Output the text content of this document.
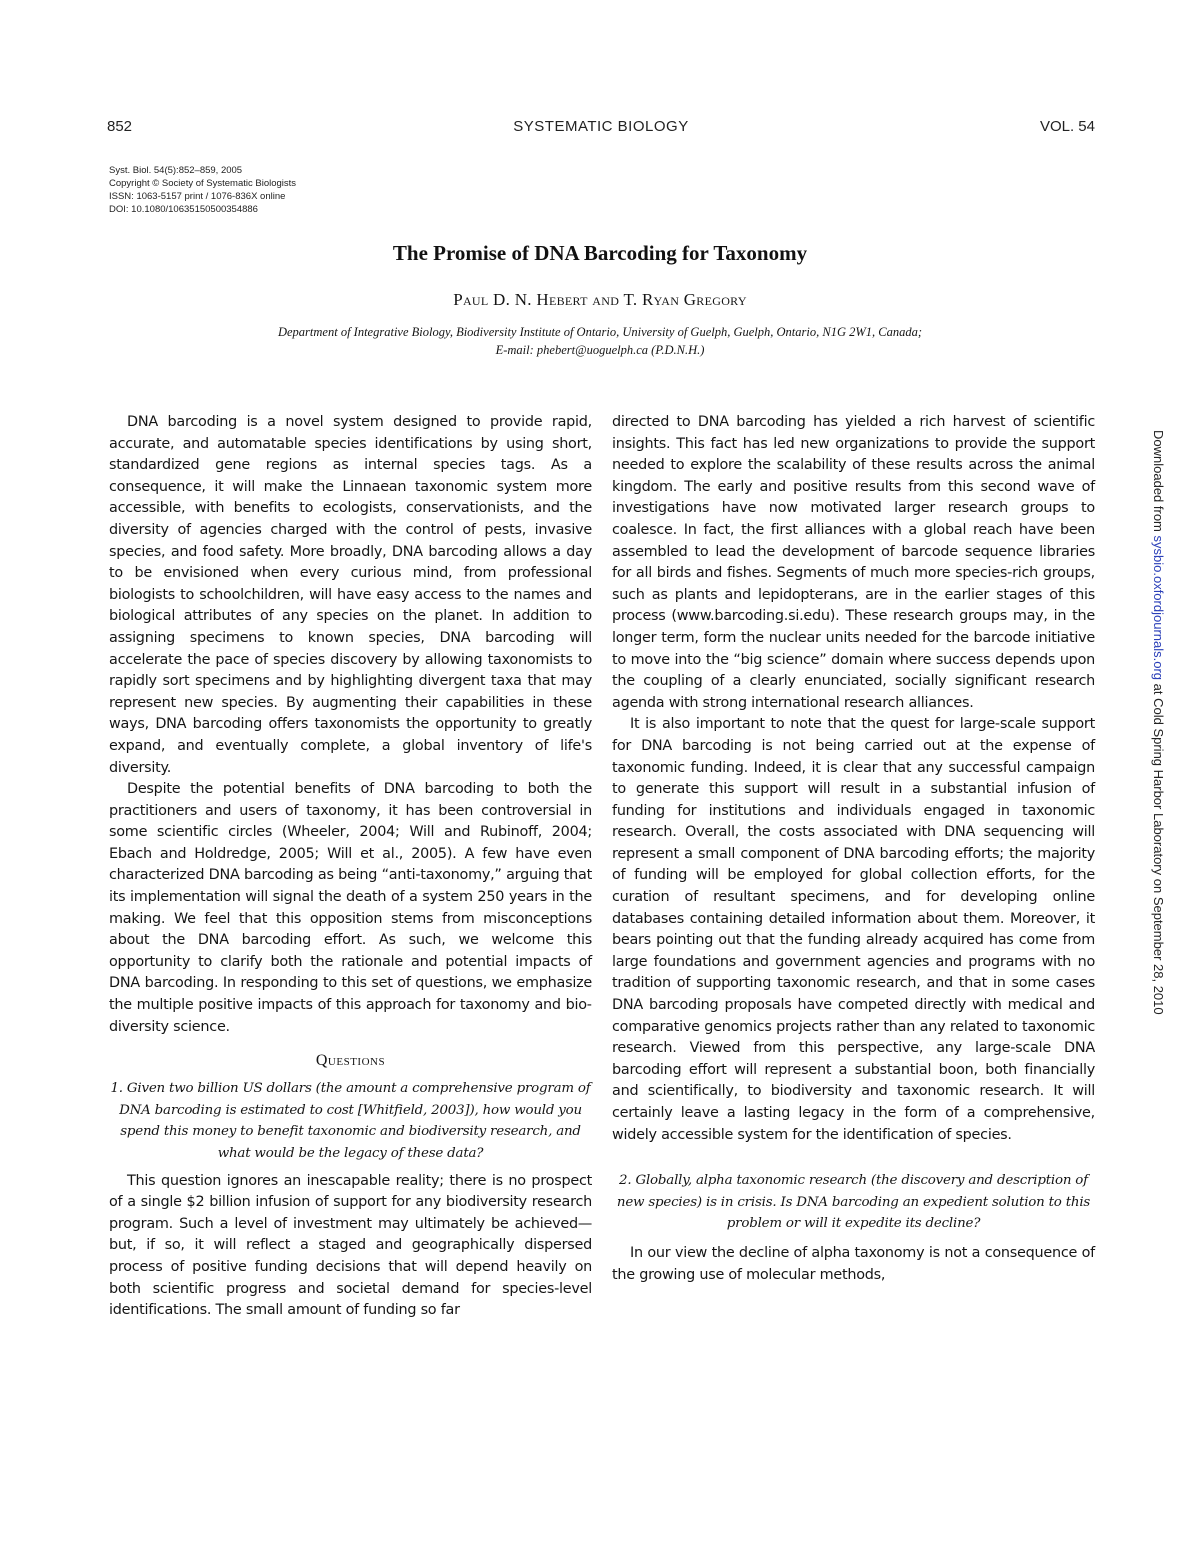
852	SYSTEMATIC BIOLOGY	VOL. 54
Syst. Biol. 54(5):852–859, 2005
Copyright © Society of Systematic Biologists
ISSN: 1063-5157 print / 1076-836X online
DOI: 10.1080/10635150500354886
The Promise of DNA Barcoding for Taxonomy
Paul D. N. Hebert and T. Ryan Gregory
Department of Integrative Biology, Biodiversity Institute of Ontario, University of Guelph, Guelph, Ontario, N1G 2W1, Canada;
E-mail: phebert@uoguelph.ca (P.D.N.H.)

DNA barcoding is a novel system designed to provide rapid, accurate, and automatable species identifications by using short, standardized gene regions as internal species tags. As a consequence, it will make the Linnaean taxonomic system more accessible, with benefits to ecologists, conservationists, and the diversity of agencies charged with the control of pests, invasive species, and food safety. More broadly, DNA barcoding allows a day to be envisioned when every curious mind, from professional biologists to schoolchildren, will have easy access to the names and biological attributes of any species on the planet. In addition to assigning specimens to known species, DNA barcoding will accelerate the pace of species discovery by allowing taxonomists to rapidly sort specimens and by highlighting divergent taxa that may represent new species. By augmenting their capabilities in these ways, DNA barcoding offers taxonomists the opportunity to greatly expand, and eventually complete, a global inventory of life's diversity.

Despite the potential benefits of DNA barcoding to both the practitioners and users of taxonomy, it has been controversial in some scientific circles (Wheeler, 2004; Will and Rubinoff, 2004; Ebach and Holdredge, 2005; Will et al., 2005). A few have even characterized DNA barcoding as being “anti-taxonomy,” arguing that its implementation will signal the death of a system 250 years in the making. We feel that this opposition stems from misconceptions about the DNA barcoding effort. As such, we welcome this opportunity to clarify both the rationale and potential impacts of DNA barcoding. In responding to this set of questions, we emphasize the multiple positive impacts of this approach for taxonomy and biodiversity science.

Questions
1. Given two billion US dollars (the amount a comprehensive program of DNA barcoding is estimated to cost [Whitfield, 2003]), how would you spend this money to benefit taxonomic and biodiversity research, and what would be the legacy of these data?

This question ignores an inescapable reality; there is no prospect of a single $2 billion infusion of support for any biodiversity research program. Such a level of investment may ultimately be achieved—but, if so, it will reflect a staged and geographically dispersed process of positive funding decisions that will depend heavily on both scientific progress and societal demand for species-level identifications. The small amount of funding so far

directed to DNA barcoding has yielded a rich harvest of scientific insights. This fact has led new organizations to provide the support needed to explore the scalability of these results across the animal kingdom. The early and positive results from this second wave of investigations have now motivated larger research groups to coalesce. In fact, the first alliances with a global reach have been assembled to lead the development of barcode sequence libraries for all birds and fishes. Segments of much more species-rich groups, such as plants and lepidopterans, are in the earlier stages of this process (www.barcoding.si.edu). These research groups may, in the longer term, form the nuclear units needed for the barcode initiative to move into the “big science” domain where success depends upon the coupling of a clearly enunciated, socially significant research agenda with strong international research alliances.

It is also important to note that the quest for large-scale support for DNA barcoding is not being carried out at the expense of taxonomic funding. Indeed, it is clear that any successful campaign to generate this support will result in a substantial infusion of funding for institutions and individuals engaged in taxonomic research. Overall, the costs associated with DNA sequencing will represent a small component of DNA barcoding efforts; the majority of funding will be employed for global collection efforts, for the curation of resultant specimens, and for developing online databases containing detailed information about them. Moreover, it bears pointing out that the funding already acquired has come from large foundations and government agencies and programs with no tradition of supporting taxonomic research, and that in some cases DNA barcoding proposals have competed directly with medical and comparative genomics projects rather than any related to taxonomic research. Viewed from this perspective, any large-scale DNA barcoding effort will represent a substantial boon, both financially and scientifically, to biodiversity and taxonomic research. It will certainly leave a lasting legacy in the form of a comprehensive, widely accessible system for the identification of species.

2. Globally, alpha taxonomic research (the discovery and description of new species) is in crisis. Is DNA barcoding an expedient solution to this problem or will it expedite its decline?

In our view the decline of alpha taxonomy is not a consequence of the growing use of molecular methods,

Downloaded from sysbio.oxfordjournals.org at Cold Spring Harbor Laboratory on September 28, 2010
